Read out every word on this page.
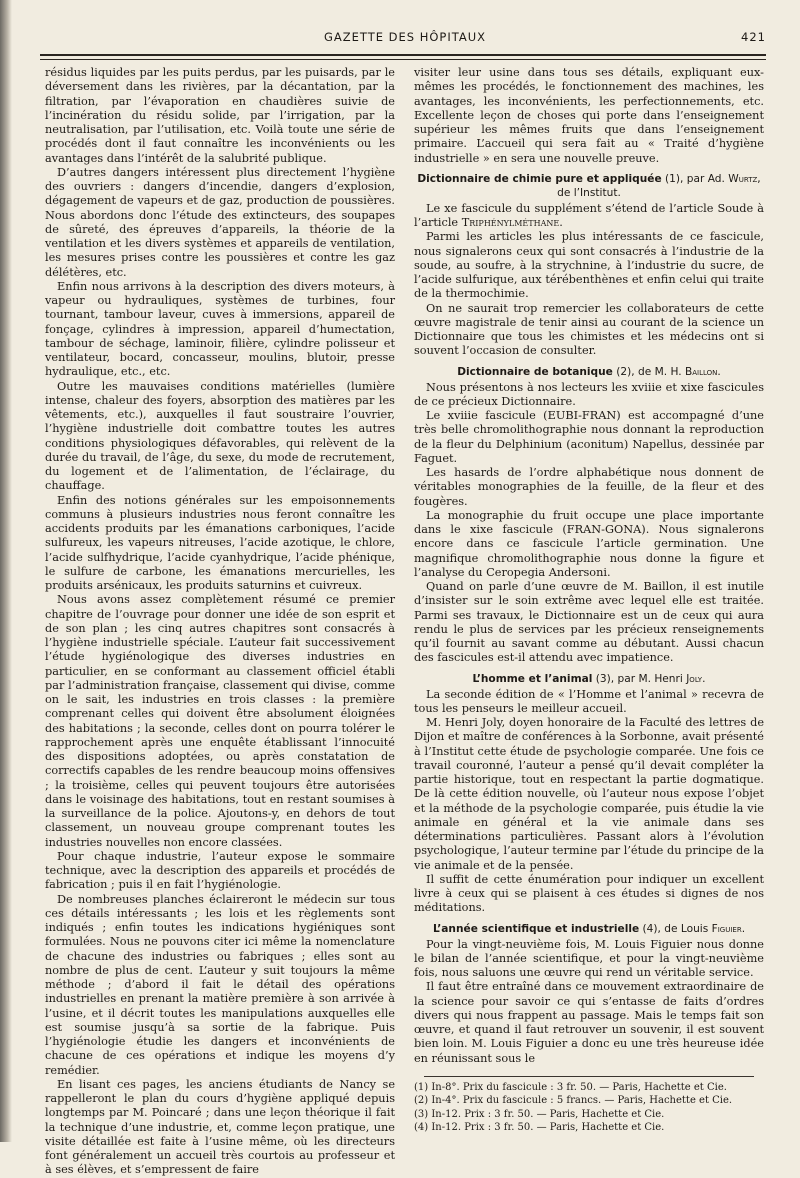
GAZETTE DES HÔPITAUX	421

résidus liquides par les puits perdus, par les puisards, par le déversement dans les rivières, par la décantation, par la filtration, par l’évaporation en chaudières suivie de l’incinération du résidu solide, par l’irrigation, par la neutralisation, par l’utilisation, etc. Voilà toute une série de procédés dont il faut connaître les inconvénients ou les avantages dans l’intérêt de la salubrité publique.

D’autres dangers intéressent plus directement l’hygiène des ouvriers : dangers d’incendie, dangers d’explosion, dégagement de vapeurs et de gaz, production de poussières. Nous abordons donc l’étude des extincteurs, des soupapes de sûreté, des épreuves d’appareils, la théorie de la ventilation et les divers systèmes et appareils de ventilation, les mesures prises contre les poussières et contre les gaz délétères, etc.

Enfin nous arrivons à la description des divers moteurs, à vapeur ou hydrauliques, systèmes de turbines, four tournant, tambour laveur, cuves à immersions, appareil de fonçage, cylindres à impression, appareil d’humectation, tambour de séchage, laminoir, filière, cylindre polisseur et ventilateur, bocard, concasseur, moulins, blutoir, presse hydraulique, etc., etc.

Outre les mauvaises conditions matérielles (lumière intense, chaleur des foyers, absorption des matières par les vêtements, etc.), auxquelles il faut soustraire l’ouvrier, l’hygiène industrielle doit combattre toutes les autres conditions physiologiques défavorables, qui relèvent de la durée du travail, de l’âge, du sexe, du mode de recrutement, du logement et de l’alimentation, de l’éclairage, du chauffage.

Enfin des notions générales sur les empoisonnements communs à plusieurs industries nous feront connaître les accidents produits par les émanations carboniques, l’acide sulfureux, les vapeurs nitreuses, l’acide azotique, le chlore, l’acide sulfhydrique, l’acide cyanhydrique, l’acide phénique, le sulfure de carbone, les émanations mercurielles, les produits arsénicaux, les produits saturnins et cuivreux.

Nous avons assez complètement résumé ce premier chapitre de l’ouvrage pour donner une idée de son esprit et de son plan ; les cinq autres chapitres sont consacrés à l’hygiène industrielle spéciale. L’auteur fait successivement l’étude hygiénologique des diverses industries en particulier, en se conformant au classement officiel établi par l’administration française, classement qui divise, comme on le sait, les industries en trois classes : la première comprenant celles qui doivent être absolument éloignées des habitations ; la seconde, celles dont on pourra tolérer le rapprochement après une enquête établissant l’innocuité des dispositions adoptées, ou après constatation de correctifs capables de les rendre beaucoup moins offensives ; la troisième, celles qui peuvent toujours être autorisées dans le voisinage des habitations, tout en restant soumises à la surveillance de la police. Ajoutons-y, en dehors de tout classement, un nouveau groupe comprenant toutes les industries nouvelles non encore classées.

Pour chaque industrie, l’auteur expose le sommaire technique, avec la description des appareils et procédés de fabrication ; puis il en fait l’hygiénologie.

De nombreuses planches éclaireront le médecin sur tous ces détails intéressants ; les lois et les règlements sont indiqués ; enfin toutes les indications hygiéniques sont formulées. Nous ne pouvons citer ici même la nomenclature de chacune des industries ou fabriques ; elles sont au nombre de plus de cent. L’auteur y suit toujours la même méthode ; d’abord il fait le détail des opérations industrielles en prenant la matière première à son arrivée à l’usine, et il décrit toutes les manipulations auxquelles elle est soumise jusqu’à sa sortie de la fabrique. Puis l’hygiénologie étudie les dangers et inconvénients de chacune de ces opérations et indique les moyens d’y remédier.

En lisant ces pages, les anciens étudiants de Nancy se rappelleront le plan du cours d’hygiène appliqué depuis longtemps par M. Poincaré ; dans une leçon théorique il fait la technique d’une industrie, et, comme leçon pratique, une visite détaillée est faite à l’usine même, où les directeurs font généralement un accueil très courtois au professeur et à ses élèves, et s’empressent de faire

visiter leur usine dans tous ses détails, expliquant eux-mêmes les procédés, le fonctionnement des machines, les avantages, les inconvénients, les perfectionnements, etc. Excellente leçon de choses qui porte dans l’enseignement supérieur les mêmes fruits que dans l’enseignement primaire. L’accueil qui sera fait au « Traité d’hygiène industrielle » en sera une nouvelle preuve.

Dictionnaire de chimie pure et appliquée (1), par Ad. Wurtz, de l’Institut.

Le xe fascicule du supplément s’étend de l’article Soude à l’article Triphénylméthane.

Parmi les articles les plus intéressants de ce fascicule, nous signalerons ceux qui sont consacrés à l’industrie de la soude, au soufre, à la strychnine, à l’industrie du sucre, de l’acide sulfurique, aux térébenthènes et enfin celui qui traite de la thermochimie.

On ne saurait trop remercier les collaborateurs de cette œuvre magistrale de tenir ainsi au courant de la science un Dictionnaire que tous les chimistes et les médecins ont si souvent l’occasion de consulter.

Dictionnaire de botanique (2), de M. H. Baillon.

Nous présentons à nos lecteurs les xviiie et xixe fascicules de ce précieux Dictionnaire.

Le xviiie fascicule (EUBI-FRAN) est accompagné d’une très belle chromolithographie nous donnant la reproduction de la fleur du Delphinium (aconitum) Napellus, dessinée par Faguet.

Les hasards de l’ordre alphabétique nous donnent de véritables monographies de la feuille, de la fleur et des fougères.

La monographie du fruit occupe une place importante dans le xixe fascicule (FRAN-GONA). Nous signalerons encore dans ce fascicule l’article germination. Une magnifique chromolithographie nous donne la figure et l’analyse du Ceropegia Andersoni.

Quand on parle d’une œuvre de M. Baillon, il est inutile d’insister sur le soin extrême avec lequel elle est traitée. Parmi ses travaux, le Dictionnaire est un de ceux qui aura rendu le plus de services par les précieux renseignements qu’il fournit au savant comme au débutant. Aussi chacun des fascicules est-il attendu avec impatience.

L’homme et l’animal (3), par M. Henri Joly.

La seconde édition de « l’Homme et l’animal » recevra de tous les penseurs le meilleur accueil.

M. Henri Joly, doyen honoraire de la Faculté des lettres de Dijon et maître de conférences à la Sorbonne, avait présenté à l’Institut cette étude de psychologie comparée. Une fois ce travail couronné, l’auteur a pensé qu’il devait compléter la partie historique, tout en respectant la partie dogmatique. De là cette édition nouvelle, où l’auteur nous expose l’objet et la méthode de la psychologie comparée, puis étudie la vie animale en général et la vie animale dans ses déterminations particulières. Passant alors à l’évolution psychologique, l’auteur termine par l’étude du principe de la vie animale et de la pensée.

Il suffit de cette énumération pour indiquer un excellent livre à ceux qui se plaisent à ces études si dignes de nos méditations.

L’année scientifique et industrielle (4), de Louis Figuier.

Pour la vingt-neuvième fois, M. Louis Figuier nous donne le bilan de l’année scientifique, et pour la vingt-neuvième fois, nous saluons une œuvre qui rend un véritable service.

Il faut être entraîné dans ce mouvement extraordinaire de la science pour savoir ce qui s’entasse de faits d’ordres divers qui nous frappent au passage. Mais le temps fait son œuvre, et quand il faut retrouver un souvenir, il est souvent bien loin. M. Louis Figuier a donc eu une très heureuse idée en réunissant sous le

(1) In-8°. Prix du fascicule : 3 fr. 50. — Paris, Hachette et Cie.
(2) In-4°. Prix du fascicule : 5 francs. — Paris, Hachette et Cie.
(3) In-12. Prix : 3 fr. 50. — Paris, Hachette et Cie.
(4) In-12. Prix : 3 fr. 50. — Paris, Hachette et Cie.
